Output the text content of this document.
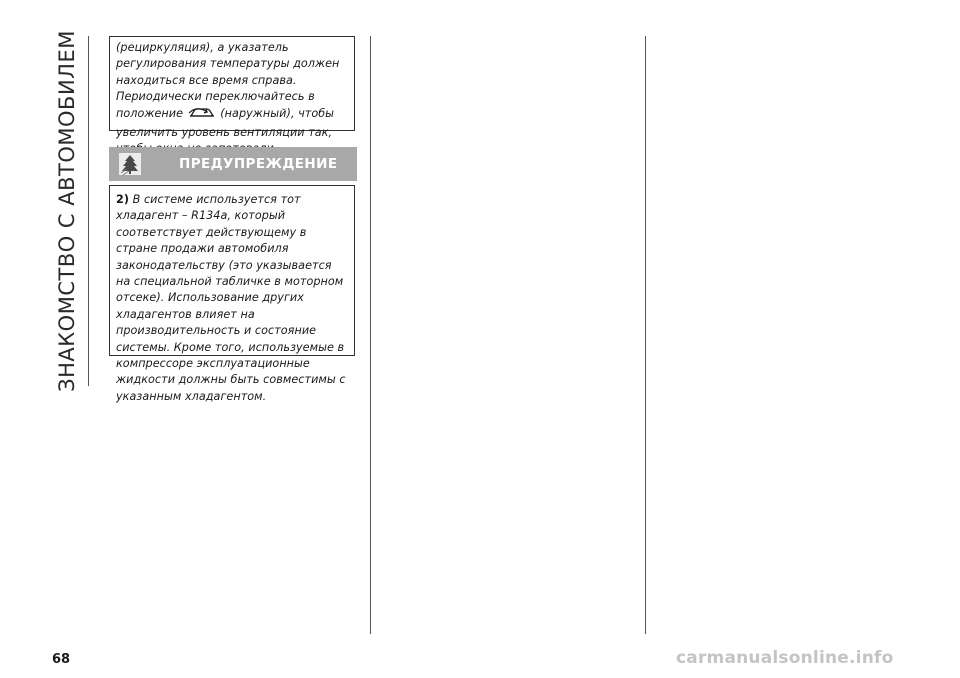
ЗНАКОМСТВО С АВТОМОБИЛЕМ	(рециркуляция), а указатель регулирования температуры должен находиться все время справа. Периодически переключайтесь в положение	(наружный), чтобы увеличить уровень вентиляции так,

ПРЕДУПРЕЖДЕНИЕ

2) В системе используется тот хладагент – R134a, который соответствует действующему в стране продажи автомобиля законодательству (это указывается на специальной табличке в моторном отсеке). Использование других хладагентов влияет на производительность и состояние системы. Кроме того, используемые в компрессоре эксплуатационные жидкости должны быть совместимы с указанным хладагентом.

68	carmanualsonline.info
